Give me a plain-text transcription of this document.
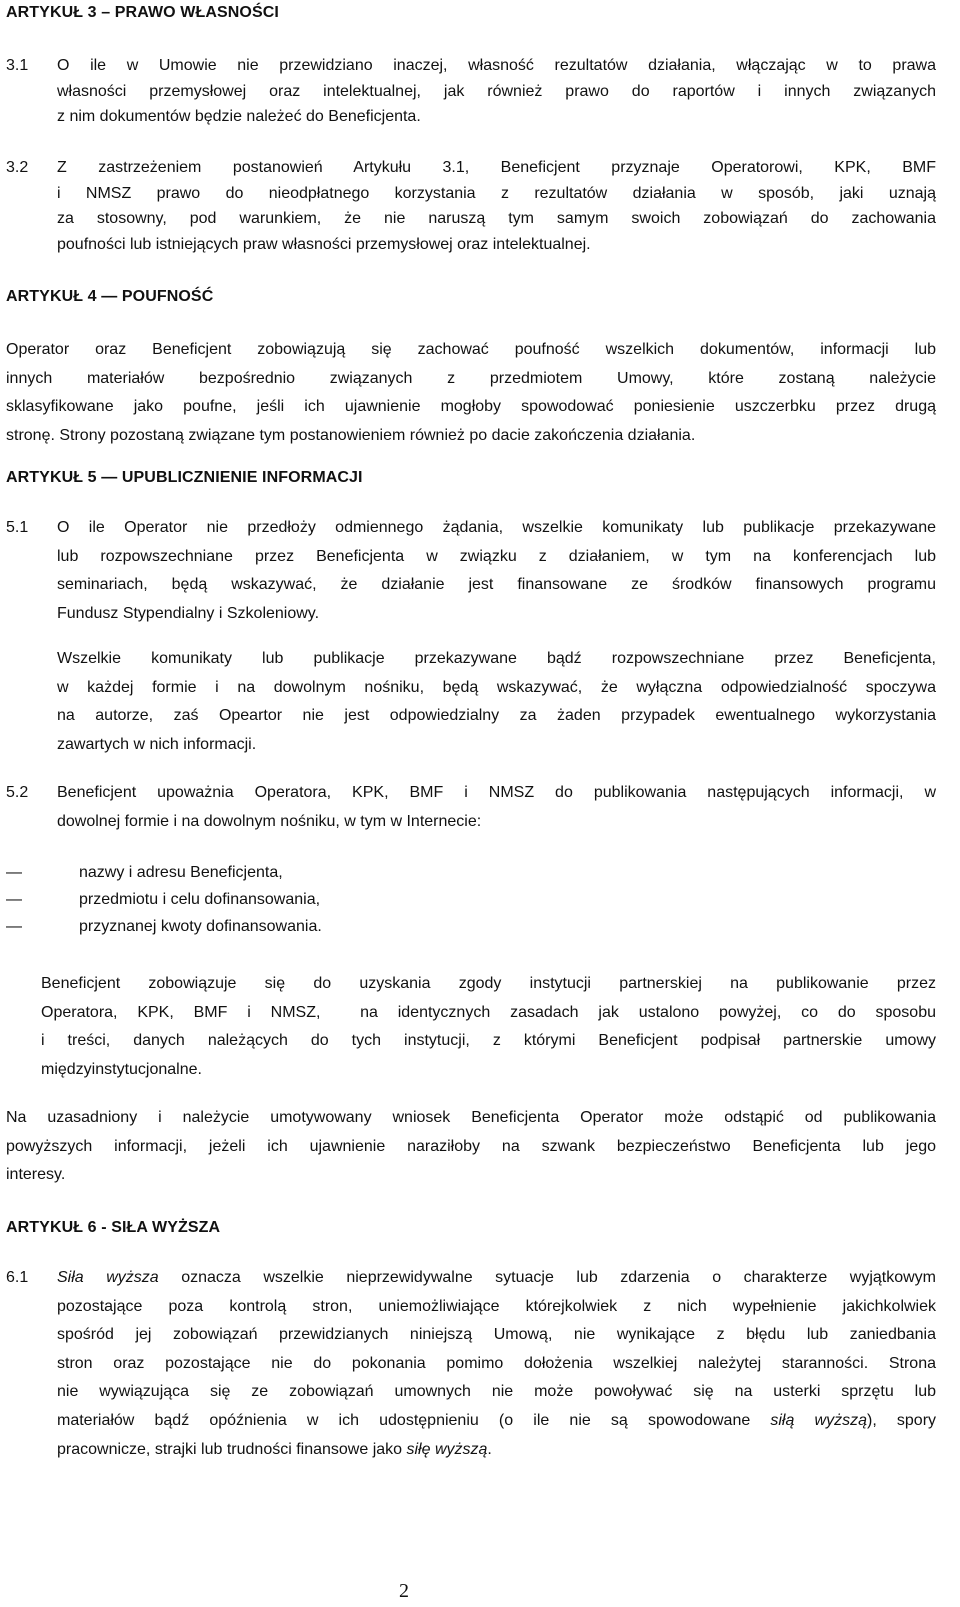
ARTYKUŁ 3 – PRAWO WŁASNOŚCI
3.1 O ile w Umowie nie przewidziano inaczej, własność rezultatów działania, włączając w to prawa
własności przemysłowej oraz intelektualnej, jak również prawo do raportów i innych związanych
z nim dokumentów będzie należeć do Beneficjenta.
3.2 Z zastrzeżeniem postanowień Artykułu 3.1, Beneficjent przyznaje Operatorowi, KPK, BMF
i NMSZ prawo do nieodpłatnego korzystania z rezultatów działania w sposób, jaki uznają
za stosowny, pod warunkiem, że nie naruszą tym samym swoich zobowiązań do zachowania
poufności lub istniejących praw własności przemysłowej oraz intelektualnej.
ARTYKUŁ 4 — POUFNOŚĆ
Operator oraz Beneficjent zobowiązują się zachować poufność wszelkich dokumentów, informacji lub
innych materiałów bezpośrednio związanych z przedmiotem Umowy, które zostaną należycie
sklasyfikowane jako poufne, jeśli ich ujawnienie mogłoby spowodować poniesienie uszczerbku przez drugą
stronę. Strony pozostaną związane tym postanowieniem również po dacie zakończenia działania.
ARTYKUŁ 5 — UPUBLICZNIENIE INFORMACJI
5.1 O ile Operator nie przedłoży odmiennego żądania, wszelkie komunikaty lub publikacje przekazywane
lub rozpowszechniane przez Beneficjenta w związku z działaniem, w tym na konferencjach lub
seminariach, będą wskazywać, że działanie jest finansowane ze środków finansowych programu
Fundusz Stypendialny i Szkoleniowy.
Wszelkie komunikaty lub publikacje przekazywane bądź rozpowszechniane przez Beneficjenta,
w każdej formie i na dowolnym nośniku, będą wskazywać, że wyłączna odpowiedzialność spoczywa
na autorze, zaś Opeartor nie jest odpowiedzialny za żaden przypadek ewentualnego wykorzystania
zawartych w nich informacji.
5.2 Beneficjent upoważnia Operatora, KPK, BMF i NMSZ do publikowania następujących informacji, w
dowolnej formie i na dowolnym nośniku, w tym w Internecie:
—	nazwy i adresu Beneficjenta,
—	przedmiotu i celu dofinansowania,
—	przyznanej kwoty dofinansowania.
Beneficjent zobowiązuje się do uzyskania zgody instytucji partnerskiej na publikowanie przez
Operatora, KPK, BMF i NMSZ,  na identycznych zasadach jak ustalono powyżej, co do sposobu
i treści, danych należących do tych instytucji, z którymi Beneficjent podpisał partnerskie umowy
międzyinstytucjonalne.
Na uzasadniony i należycie umotywowany wniosek Beneficjenta Operator może odstąpić od publikowania
powyższych informacji, jeżeli ich ujawnienie naraziłoby na szwank bezpieczeństwo Beneficjenta lub jego
interesy.
ARTYKUŁ 6 - SIŁA WYŻSZA
6.1 Siła wyższa oznacza wszelkie nieprzewidywalne sytuacje lub zdarzenia o charakterze wyjątkowym
pozostające poza kontrolą stron, uniemożliwiające którejkolwiek z nich wypełnienie jakichkolwiek
spośród jej zobowiązań przewidzianych niniejszą Umową, nie wynikające z błędu lub zaniedbania
stron oraz pozostające nie do pokonania pomimo dołożenia wszelkiej należytej staranności. Strona
nie wywiązująca się ze zobowiązań umownych nie może powoływać się na usterki sprzętu lub
materiałów bądź opóźnienia w ich udostępnieniu (o ile nie są spowodowane siłą wyższą), spory
pracownicze, strajki lub trudności finansowe jako siłę wyższą.
2
